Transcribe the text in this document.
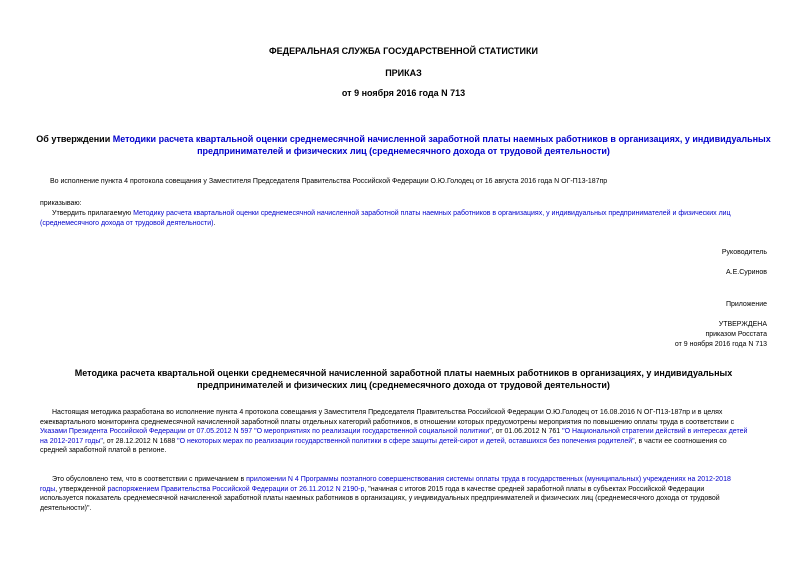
ФЕДЕРАЛЬНАЯ СЛУЖБА ГОСУДАРСТВЕННОЙ СТАТИСТИКИ
ПРИКАЗ
от 9 ноября 2016 года N 713
Об утверждении Методики расчета квартальной оценки среднемесячной начисленной заработной платы наемных работников в организациях, у индивидуальных
предпринимателей и физических лиц (среднемесячного дохода от трудовой деятельности)
Во исполнение пункта 4 протокола совещания у Заместителя Председателя Правительства Российской Федерации О.Ю.Голодец от 16 августа 2016 года N ОГ-П13-187пр
приказываю:
Утвердить прилагаемую Методику расчета квартальной оценки среднемесячной начисленной заработной платы наемных работников в организациях, у индивидуальных предпринимателей и физических лиц
(среднемесячного дохода от трудовой деятельности).
Руководитель
А.Е.Суринов
Приложение
УТВЕРЖДЕНА
приказом Росстата
от 9 ноября 2016 года N 713
Методика расчета квартальной оценки среднемесячной начисленной заработной платы наемных работников в организациях, у индивидуальных
предпринимателей и физических лиц (среднемесячного дохода от трудовой деятельности)
Настоящая методика разработана во исполнение пункта 4 протокола совещания у Заместителя Председателя Правительства Российской Федерации О.Ю.Голодец от 16.08.2016 N ОГ-П13-187пр и в целях
ежеквартального мониторинга среднемесячной начисленной заработной платы отдельных категорий работников, в отношении которых предусмотрены мероприятия по повышению оплаты труда в соответствии с
Указами Президента Российской Федерации от 07.05.2012 N 597 "О мероприятиях по реализации государственной социальной политики", от 01.06.2012 N 761 "О Национальной стратегии действий в интересах детей
на 2012-2017 годы", от 28.12.2012 N 1688 "О некоторых мерах по реализации государственной политики в сфере защиты детей-сирот и детей, оставшихся без попечения родителей", в части ее соотношения со
средней заработной платой в регионе.
Это обусловлено тем, что в соответствии с примечанием в приложении N 4 Программы поэтапного совершенствования системы оплаты труда в государственных (муниципальных) учреждениях на 2012-2018
годы, утвержденной распоряжением Правительства Российской Федерации от 26.11.2012 N 2190-р, "начиная с итогов 2015 года в качестве средней заработной платы в субъектах Российской Федерации
используется показатель среднемесячной начисленной заработной платы наемных работников в организациях, у индивидуальных предпринимателей и физических лиц (среднемесячного дохода от трудовой
деятельности)".
